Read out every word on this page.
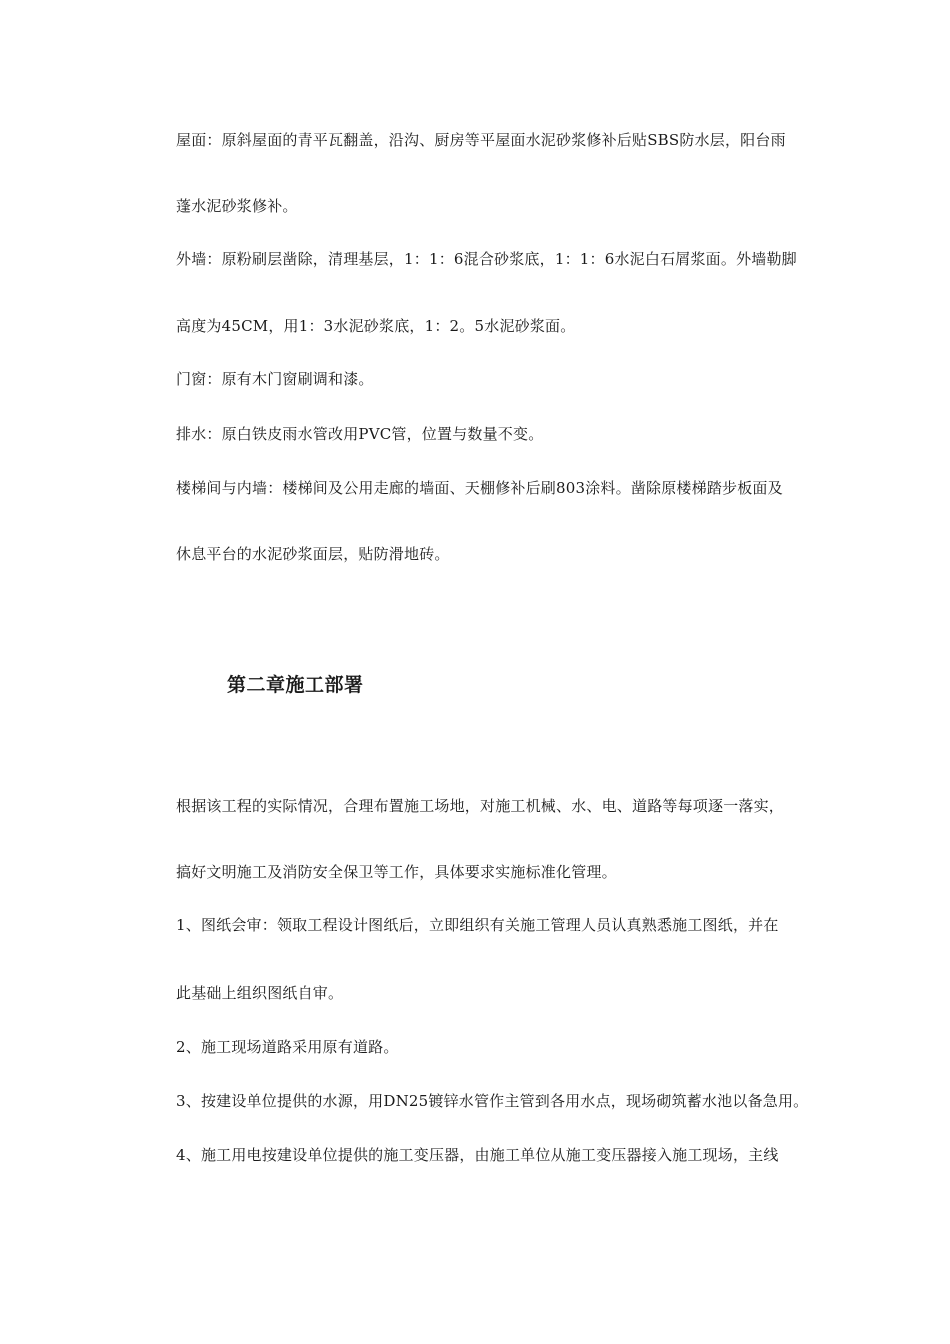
屋面：原斜屋面的青平瓦翻盖，沿沟、厨房等平屋面水泥砂浆修补后贴SBS防水层，阳台雨
蓬水泥砂浆修补。
外墙：原粉刷层凿除，清理基层，1：1：6混合砂浆底，1：1：6水泥白石屑浆面。外墙勒脚
高度为45CM，用1：3水泥砂浆底，1：2。5水泥砂浆面。
门窗：原有木门窗刷调和漆。
排水：原白铁皮雨水管改用PVC管，位置与数量不变。
楼梯间与内墙：楼梯间及公用走廊的墙面、天棚修补后刷803涂料。凿除原楼梯踏步板面及
休息平台的水泥砂浆面层，贴防滑地砖。
第二章施工部署
根据该工程的实际情况，合理布置施工场地，对施工机械、水、电、道路等每项逐一落实，
搞好文明施工及消防安全保卫等工作，具体要求实施标准化管理。
1、图纸会审：领取工程设计图纸后，立即组织有关施工管理人员认真熟悉施工图纸，并在
此基础上组织图纸自审。
2、施工现场道路采用原有道路。
3、按建设单位提供的水源，用DN25镀锌水管作主管到各用水点，现场砌筑蓄水池以备急用。
4、施工用电按建设单位提供的施工变压器，由施工单位从施工变压器接入施工现场，主线
